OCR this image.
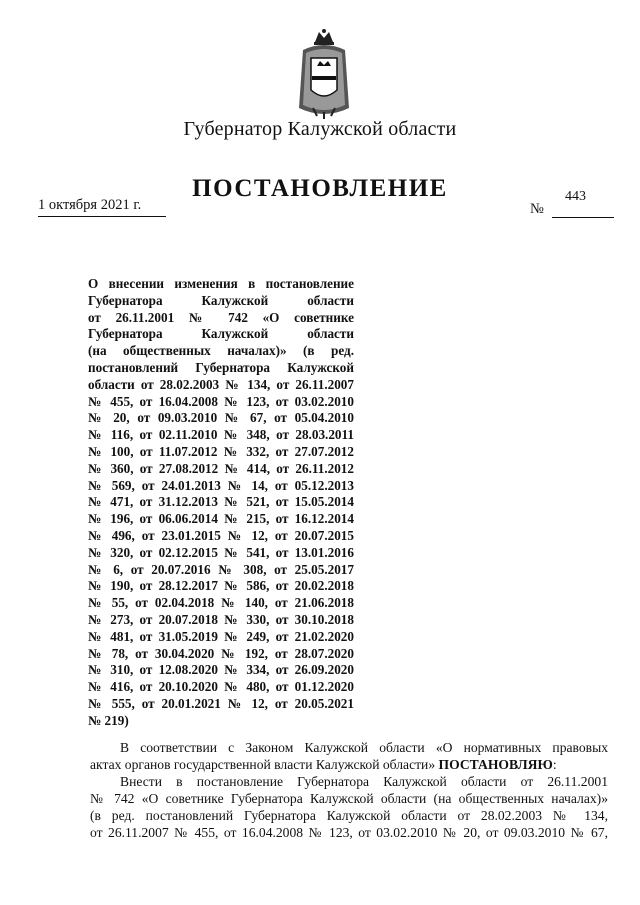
Губернатор Калужской области
ПОСТАНОВЛЕНИЕ
1 октября 2021 г.	№
443
О внесении изменения в постановление
Губернатора Калужской области
от 26.11.2001 № 742 «О советнике
Губернатора Калужской области
(на общественных началах)» (в ред.
постановлений Губернатора Калужской
области от 28.02.2003 № 134, от 26.11.2007
№ 455, от 16.04.2008 № 123, от 03.02.2010
№ 20, от 09.03.2010 № 67, от 05.04.2010
№ 116, от 02.11.2010 № 348, от 28.03.2011
№ 100, от 11.07.2012 № 332, от 27.07.2012
№ 360, от 27.08.2012 № 414, от 26.11.2012
№ 569, от 24.01.2013 № 14, от 05.12.2013
№ 471, от 31.12.2013 № 521, от 15.05.2014
№ 196, от 06.06.2014 № 215, от 16.12.2014
№ 496, от 23.01.2015 № 12, от 20.07.2015
№ 320, от 02.12.2015 № 541, от 13.01.2016
№ 6, от 20.07.2016 № 308, от 25.05.2017
№ 190, от 28.12.2017 № 586, от 20.02.2018
№ 55, от 02.04.2018 № 140, от 21.06.2018
№ 273, от 20.07.2018 № 330, от 30.10.2018
№ 481, от 31.05.2019 № 249, от 21.02.2020
№ 78, от 30.04.2020 № 192, от 28.07.2020
№ 310, от 12.08.2020 № 334, от 26.09.2020
№ 416, от 20.10.2020 № 480, от 01.12.2020
№ 555, от 20.01.2021 № 12, от 20.05.2021
№ 219)
В соответствии с Законом Калужской области «О нормативных правовых
актах органов государственной власти Калужской области» ПОСТАНОВЛЯЮ:
Внести в постановление Губернатора Калужской области от 26.11.2001
№ 742 «О советнике Губернатора Калужской области (на общественных началах)»
(в ред. постановлений Губернатора Калужской области от 28.02.2003 № 134,
от 26.11.2007 № 455, от 16.04.2008 № 123, от 03.02.2010 № 20, от 09.03.2010 № 67,
